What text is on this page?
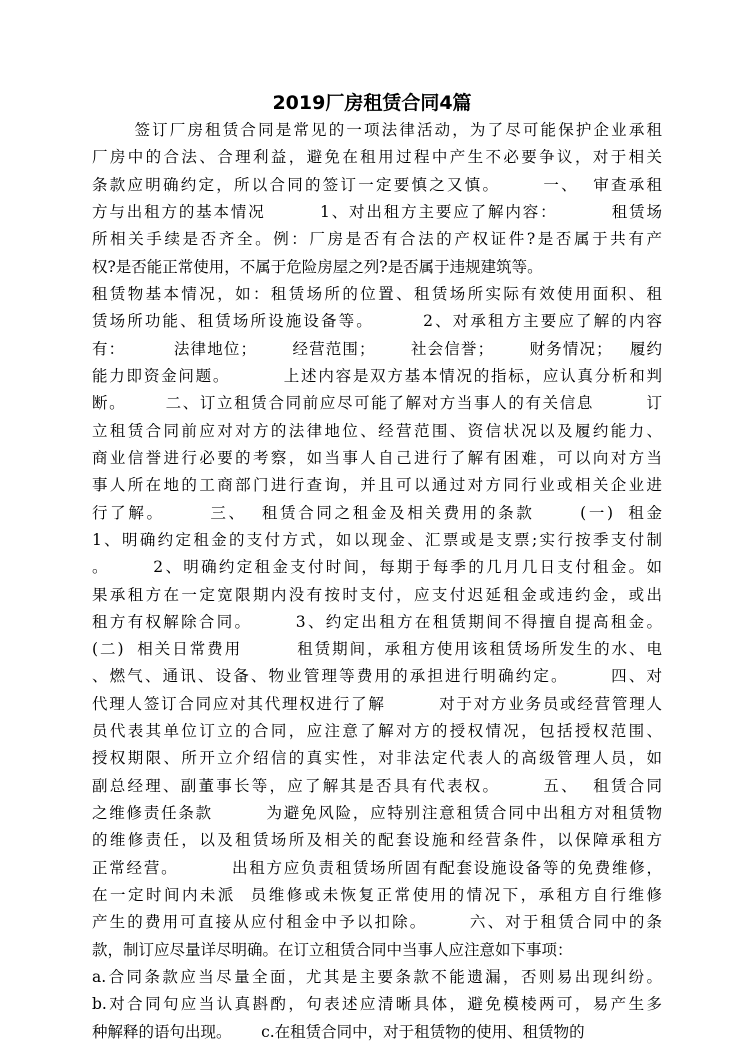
2019厂房租赁合同4篇
签订厂房租赁合同是常见的一项法律活动，为了尽可能保护企业承租
厂房中的合法、合理利益，避免在租用过程中产生不必要争议，对于相关
条款应明确约定，所以合同的签订一定要慎之又慎。      一、  审查承租
方与出租方的基本情况        1、对出租方主要应了解内容：        租赁场
所相关手续是否齐全。例：厂房是否有合法的产权证件?是否属于共有产
权?是否能正常使用，不属于危险房屋之列?是否属于违规建筑等。
租赁物基本情况，如：租赁场所的位置、租赁场所实际有效使用面积、租
赁场所功能、租赁场所设施设备等。       2、对承租方主要应了解的内容
有：        法律地位；      经营范围；      社会信誉；      财务情况；   履约
能力即资金问题。        上述内容是双方基本情况的指标，应认真分析和判
断。      二、订立租赁合同前应尽可能了解对方当事人的有关信息        订
立租赁合同前应对对方的法律地位、经营范围、资信状况以及履约能力、
商业信誉进行必要的考察，如当事人自己进行了解有困难，可以向对方当
事人所在地的工商部门进行查询，并且可以通过对方同行业或相关企业进
行了解。      三、  租赁合同之租金及相关费用的条款      (一)  租金
1、明确约定租金的支付方式，如以现金、汇票或是支票;实行按季支付制
。      2、明确约定租金支付时间，每期于每季的几月几日支付租金。如
果承租方在一定宽限期内没有按时支付，应支付迟延租金或违约金，或出
租方有权解除合同。      3、约定出租方在租赁期间不得擅自提高租金。
(二)  相关日常费用        租赁期间，承租方使用该租赁场所发生的水、电
、燃气、通讯、设备、物业管理等费用的承担进行明确约定。      四、对
代理人签订合同应对其代理权进行了解        对于对方业务员或经营管理人
员代表其单位订立的合同，应注意了解对方的授权情况，包括授权范围、
授权期限、所开立介绍信的真实性，对非法定代表人的高级管理人员，如
副总经理、副董事长等，应了解其是否具有代表权。      五、  租赁合同
之维修责任条款        为避免风险，应特别注意租赁合同中出租方对租赁物
的维修责任，以及租赁场所及相关的配套设施和经营条件，以保障承租方
正常经营。        出租方应负责租赁场所固有配套设施设备等的免费维修，
在一定时间内未派  员维修或未恢复正常使用的情况下，承租方自行维修
产生的费用可直接从应付租金中予以扣除。      六、对于租赁合同中的条
款，制订应尽量详尽明确。在订立租赁合同中当事人应注意如下事项：
a.合同条款应当尽量全面，尤其是主要条款不能遗漏，否则易出现纠纷。
b.对合同句应当认真斟酌，句表述应清晰具体，避免模棱两可，易产生多
种解释的语句出现。      c.在租赁合同中，对于租赁物的使用、租赁物的
